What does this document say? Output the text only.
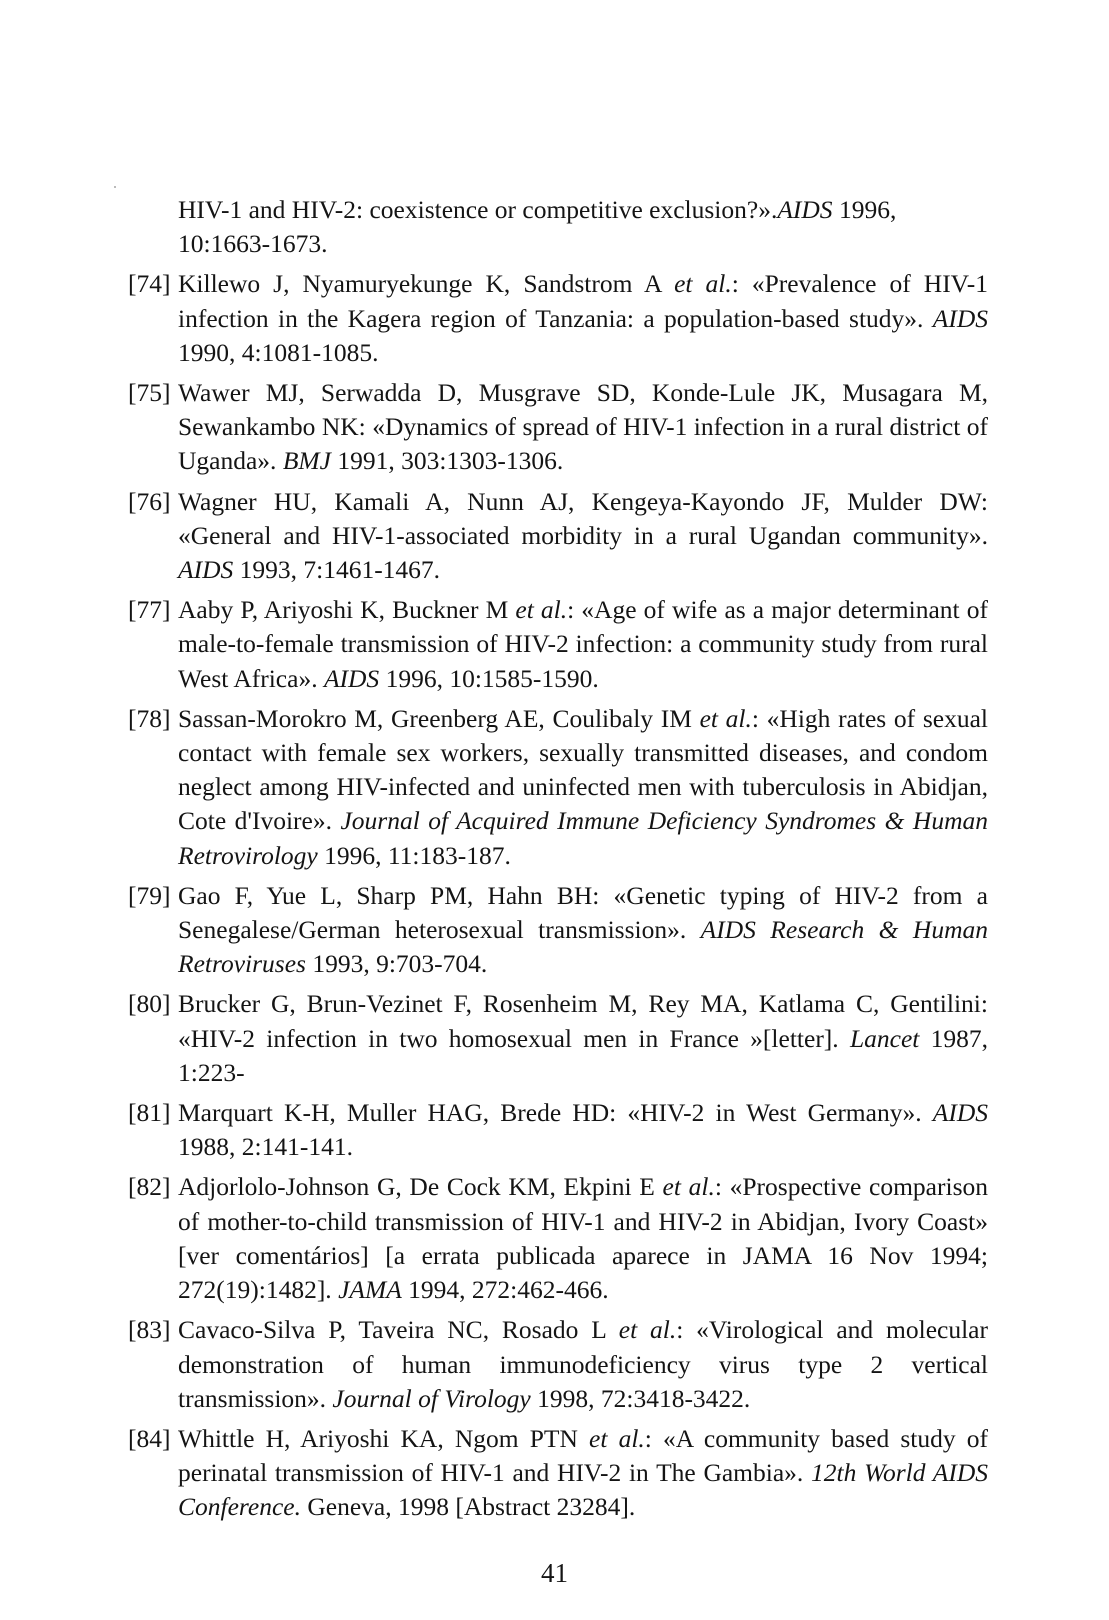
HIV-1 and HIV-2: coexistence or competitive exclusion?».AIDS 1996, 10:1663-1673.
[74] Killewo J, Nyamuryekunge K, Sandstrom A et al.: «Prevalence of HIV-1 infection in the Kagera region of Tanzania: a population-based study». AIDS 1990, 4:1081-1085.
[75] Wawer MJ, Serwadda D, Musgrave SD, Konde-Lule JK, Musagara M, Sewankambo NK: «Dynamics of spread of HIV-1 infection in a rural district of Uganda». BMJ 1991, 303:1303-1306.
[76] Wagner HU, Kamali A, Nunn AJ, Kengeya-Kayondo JF, Mulder DW: «General and HIV-1-associated morbidity in a rural Ugandan community». AIDS 1993, 7:1461-1467.
[77] Aaby P, Ariyoshi K, Buckner M et al.: «Age of wife as a major determinant of male-to-female transmission of HIV-2 infection: a community study from rural West Africa». AIDS 1996, 10:1585-1590.
[78] Sassan-Morokro M, Greenberg AE, Coulibaly IM et al.: «High rates of sexual contact with female sex workers, sexually transmitted diseases, and condom neglect among HIV-infected and uninfected men with tuberculosis in Abidjan, Cote d'Ivoire». Journal of Acquired Immune Deficiency Syndromes & Human Retrovirology 1996, 11:183-187.
[79] Gao F, Yue L, Sharp PM, Hahn BH: «Genetic typing of HIV-2 from a Senegalese/German heterosexual transmission». AIDS Research & Human Retroviruses 1993, 9:703-704.
[80] Brucker G, Brun-Vezinet F, Rosenheim M, Rey MA, Katlama C, Gentilini: «HIV-2 infection in two homosexual men in France »[letter]. Lancet 1987, 1:223-
[81] Marquart K-H, Muller HAG, Brede HD: «HIV-2 in West Germany». AIDS 1988, 2:141-141.
[82] Adjorlolo-Johnson G, De Cock KM, Ekpini E et al.: «Prospective comparison of mother-to-child transmission of HIV-1 and HIV-2 in Abidjan, Ivory Coast» [ver comentários] [a errata publicada aparece in JAMA 16 Nov 1994; 272(19):1482]. JAMA 1994, 272:462-466.
[83] Cavaco-Silva P, Taveira NC, Rosado L et al.: «Virological and molecular demonstration of human immunodeficiency virus type 2 vertical transmission». Journal of Virology 1998, 72:3418-3422.
[84] Whittle H, Ariyoshi KA, Ngom PTN et al.: «A community based study of perinatal transmission of HIV-1 and HIV-2 in The Gambia». 12th World AIDS Conference. Geneva, 1998 [Abstract 23284].
41
